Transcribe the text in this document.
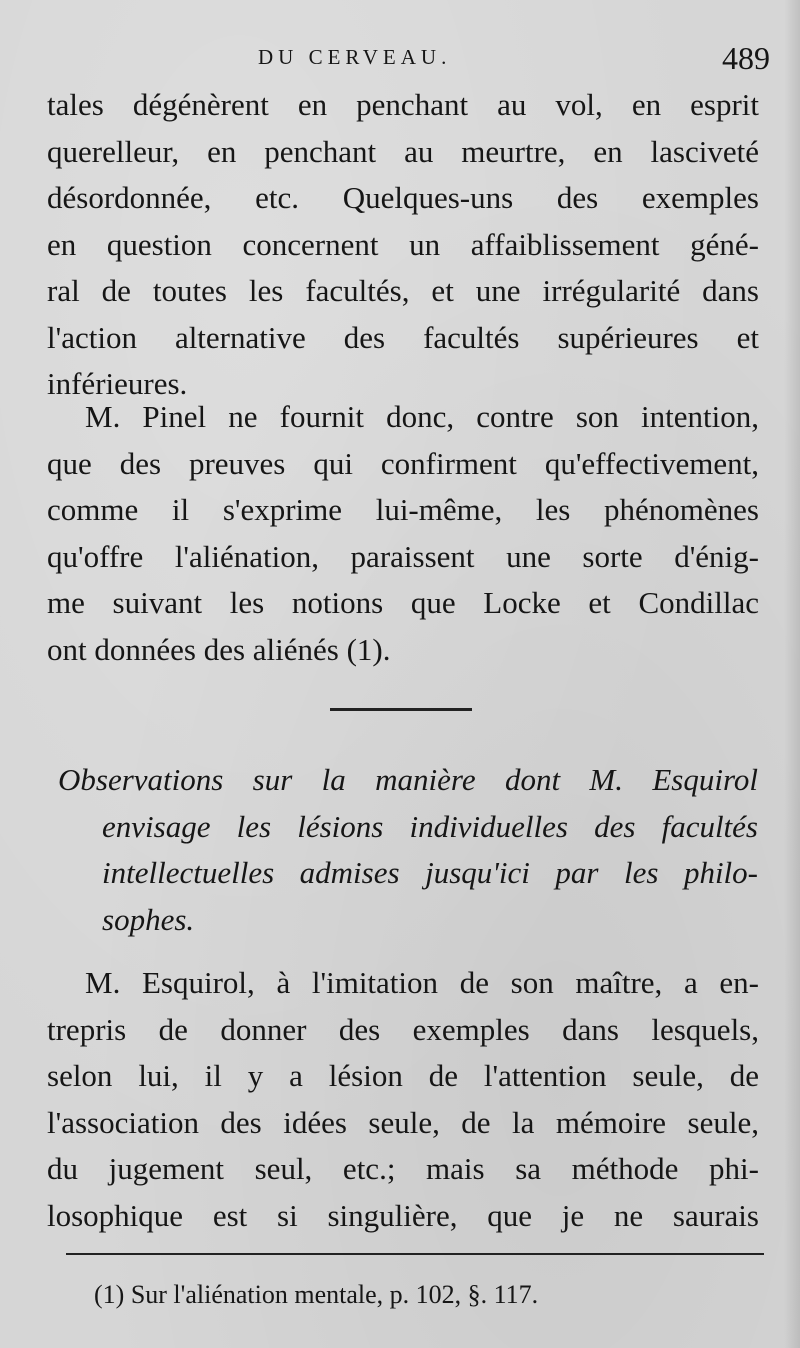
DU CERVEAU.	489
tales dégénèrent en penchant au vol, en esprit
querelleur, en penchant au meurtre, en lasciveté
désordonnée, etc. Quelques-uns des exemples
en question concernent un affaiblissement géné-
ral de toutes les facultés, et une irrégularité dans
l'action alternative des facultés supérieures et
inférieures.
M. Pinel ne fournit donc, contre son intention,
que des preuves qui confirment qu'effectivement,
comme il s'exprime lui-même, les phénomènes
qu'offre l'aliénation, paraissent une sorte d'énig-
me suivant les notions que Locke et Condillac
ont données des aliénés (1).
Observations sur la manière dont M. Esquirol
envisage les lésions individuelles des facultés
intellectuelles admises jusqu'ici par les philo-
sophes.
M. Esquirol, à l'imitation de son maître, a en-
trepris de donner des exemples dans lesquels,
selon lui, il y a lésion de l'attention seule, de
l'association des idées seule, de la mémoire seule,
du jugement seul, etc.; mais sa méthode phi-
losophique est si singulière, que je ne saurais
(1) Sur l'aliénation mentale, p. 102, §. 117.
